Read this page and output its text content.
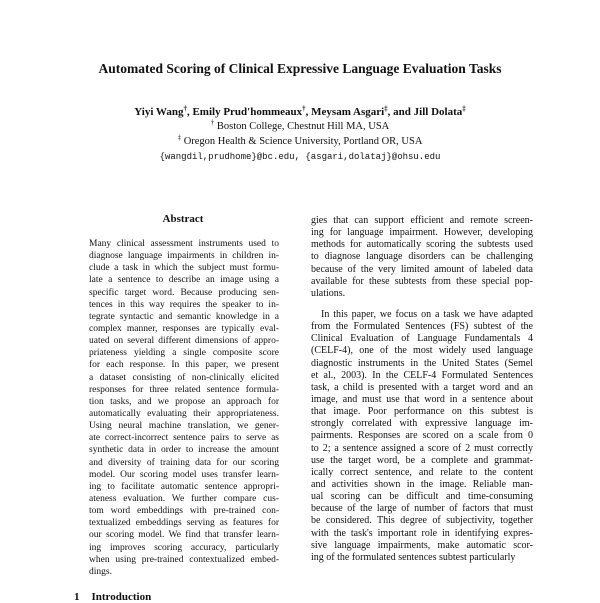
Automated Scoring of Clinical Expressive Language Evaluation Tasks
Yiyi Wang†, Emily Prud'hommeaux†, Meysam Asgari‡, and Jill Dolata‡
† Boston College, Chestnut Hill MA, USA
‡ Oregon Health & Science University, Portland OR, USA
{wangdil,prudhome}@bc.edu, {asgari,dolataj}@ohsu.edu
Abstract
Many clinical assessment instruments used to
diagnose language impairments in children in-
clude a task in which the subject must formu-
late a sentence to describe an image using a
specific target word. Because producing sen-
tences in this way requires the speaker to in-
tegrate syntactic and semantic knowledge in a
complex manner, responses are typically eval-
uated on several different dimensions of appro-
priateness yielding a single composite score
for each response. In this paper, we present
a dataset consisting of non-clinically elicited
responses for three related sentence formula-
tion tasks, and we propose an approach for
automatically evaluating their appropriateness.
Using neural machine translation, we gener-
ate correct-incorrect sentence pairs to serve as
synthetic data in order to increase the amount
and diversity of training data for our scoring
model. Our scoring model uses transfer learn-
ing to facilitate automatic sentence appropri-
ateness evaluation. We further compare cus-
tom word embeddings with pre-trained con-
textualized embeddings serving as features for
our scoring model. We find that transfer learn-
ing improves scoring accuracy, particularly
when using pre-trained contextualized embed-
dings.
1 Introduction
gies that can support efficient and remote screen-
ing for language impairment. However, developing
methods for automatically scoring the subtests used
to diagnose language disorders can be challenging
because of the very limited amount of labeled data
available for these subtests from these special pop-
ulations.
In this paper, we focus on a task we have adapted
from the Formulated Sentences (FS) subtest of the
Clinical Evaluation of Language Fundamentals 4
(CELF-4), one of the most widely used language
diagnostic instruments in the United States (Semel
et al., 2003). In the CELF-4 Formulated Sentences
task, a child is presented with a target word and an
image, and must use that word in a sentence about
that image. Poor performance on this subtest is
strongly correlated with expressive language im-
pairments. Responses are scored on a scale from 0
to 2; a sentence assigned a score of 2 must correctly
use the target word, be a complete and grammat-
ically correct sentence, and relate to the content
and activities shown in the image. Reliable man-
ual scoring can be difficult and time-consuming
because of the large of number of factors that must
be considered. This degree of subjectivity, together
with the task's important role in identifying expres-
sive language impairments, make automatic scor-
ing of the formulated sentences subtest particularly
